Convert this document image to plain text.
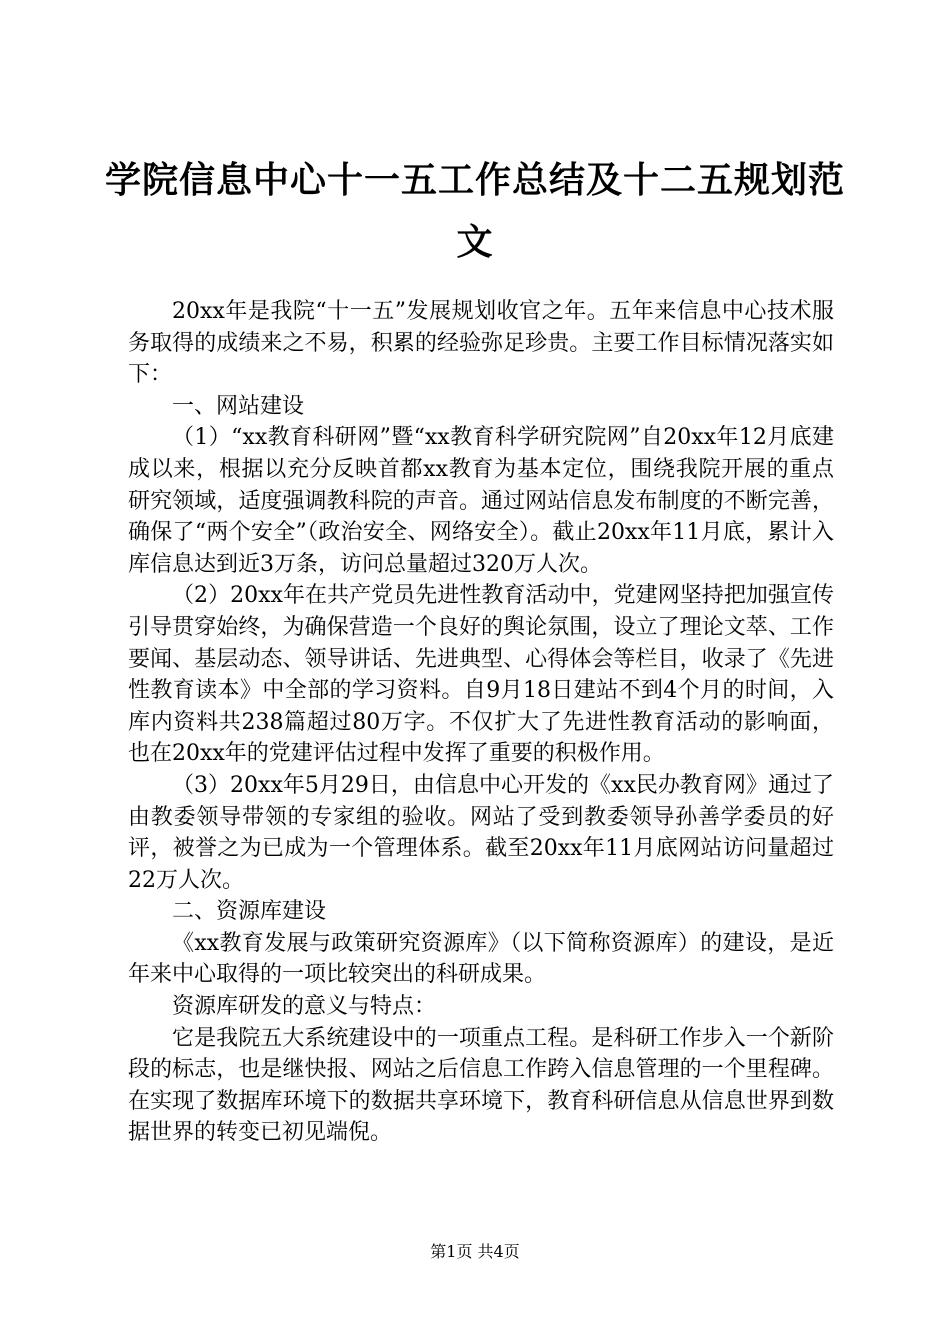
学院信息中心十一五工作总结及十二五规划范文

20xx年是我院“十一五”发展规划收官之年。五年来信息中心技术服务取得的成绩来之不易，积累的经验弥足珍贵。主要工作目标情况落实如下：

一、网站建设

（1）“xx教育科研网”暨“xx教育科学研究院网”自20xx年12月底建成以来，根据以充分反映首都xx教育为基本定位，围绕我院开展的重点研究领域，适度强调教科院的声音。通过网站信息发布制度的不断完善，确保了“两个安全”（政治安全、网络安全）。截止20xx年11月底，累计入库信息达到近3万条，访问总量超过320万人次。

（2）20xx年在共产党员先进性教育活动中，党建网坚持把加强宣传引导贯穿始终，为确保营造一个良好的舆论氛围，设立了理论文萃、工作要闻、基层动态、领导讲话、先进典型、心得体会等栏目，收录了《先进性教育读本》中全部的学习资料。自9月18日建站不到4个月的时间，入库内资料共238篇超过80万字。不仅扩大了先进性教育活动的影响面，也在20xx年的党建评估过程中发挥了重要的积极作用。

（3）20xx年5月29日，由信息中心开发的《xx民办教育网》通过了由教委领导带领的专家组的验收。网站了受到教委领导孙善学委员的好评，被誉之为已成为一个管理体系。截至20xx年11月底网站访问量超过22万人次。

二、资源库建设

《xx教育发展与政策研究资源库》（以下简称资源库）的建设，是近年来中心取得的一项比较突出的科研成果。

资源库研发的意义与特点：

它是我院五大系统建设中的一项重点工程。是科研工作步入一个新阶段的标志，也是继快报、网站之后信息工作跨入信息管理的一个里程碑。在实现了数据库环境下的数据共享环境下，教育科研信息从信息世界到数据世界的转变已初见端倪。

第1页 共4页
